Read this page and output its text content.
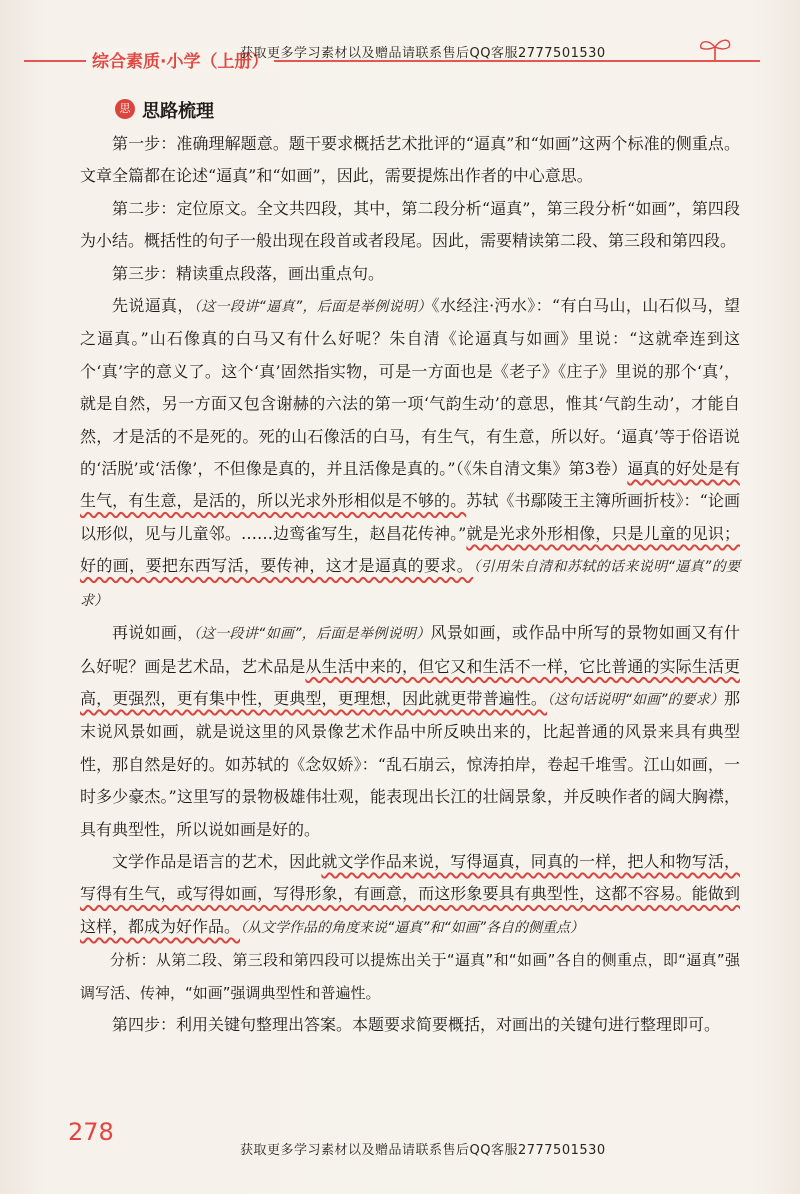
综合素质·小学（上册）
获取更多学习素材以及赠品请联系售后QQ客服2777501530
思 思路梳理

第一步：准确理解题意。题干要求概括艺术批评的“逼真”和“如画”这两个标准的侧重点。文章全篇都在论述“逼真”和“如画”，因此，需要提炼出作者的中心意思。

第二步：定位原文。全文共四段，其中，第二段分析“逼真”，第三段分析“如画”，第四段为小结。概括性的句子一般出现在段首或者段尾。因此，需要精读第二段、第三段和第四段。

第三步：精读重点段落，画出重点句。

先说逼真，（这一段讲“逼真”，后面是举例说明）《水经注·沔水》：“有白马山，山石似马，望之逼真。”山石像真的白马又有什么好呢？朱自清《论逼真与如画》里说：“这就牵连到这个‘真’字的意义了。这个‘真’固然指实物，可是一方面也是《老子》《庄子》里说的那个‘真’，就是自然，另一方面又包含谢赫的六法的第一项‘气韵生动’的意思，惟其‘气韵生动’，才能自然，才是活的不是死的。死的山石像活的白马，有生气，有生意，所以好。‘逼真’等于俗语说的‘活脱’或‘活像’，不但像是真的，并且活像是真的。”（《朱自清文集》第3卷）逼真的好处是有生气，有生意，是活的，所以光求外形相似是不够的。苏轼《书鄢陵王主簿所画折枝》：“论画以形似，见与儿童邻。……边鸾雀写生，赵昌花传神。”就是光求外形相像，只是儿童的见识；好的画，要把东西写活，要传神，这才是逼真的要求。（引用朱自清和苏轼的话来说明“逼真”的要求）

再说如画，（这一段讲“如画”，后面是举例说明）风景如画，或作品中所写的景物如画又有什么好呢？画是艺术品，艺术品是从生活中来的，但它又和生活不一样，它比普通的实际生活更高，更强烈，更有集中性，更典型，更理想，因此就更带普遍性。（这句话说明“如画”的要求）那末说风景如画，就是说这里的风景像艺术作品中所反映出来的，比起普通的风景来具有典型性，那自然是好的。如苏轼的《念奴娇》：“乱石崩云，惊涛拍岸，卷起千堆雪。江山如画，一时多少豪杰。”这里写的景物极雄伟壮观，能表现出长江的壮阔景象，并反映作者的阔大胸襟，具有典型性，所以说如画是好的。

文学作品是语言的艺术，因此就文学作品来说，写得逼真，同真的一样，把人和物写活，写得有生气，或写得如画，写得形象，有画意，而这形象要具有典型性，这都不容易。能做到这样，都成为好作品。（从文学作品的角度来说“逼真”和“如画”各自的侧重点）

分析：从第二段、第三段和第四段可以提炼出关于“逼真”和“如画”各自的侧重点，即“逼真”强调写活、传神，“如画”强调典型性和普遍性。

第四步：利用关键句整理出答案。本题要求简要概括，对画出的关键句进行整理即可。

278
获取更多学习素材以及赠品请联系售后QQ客服2777501530
